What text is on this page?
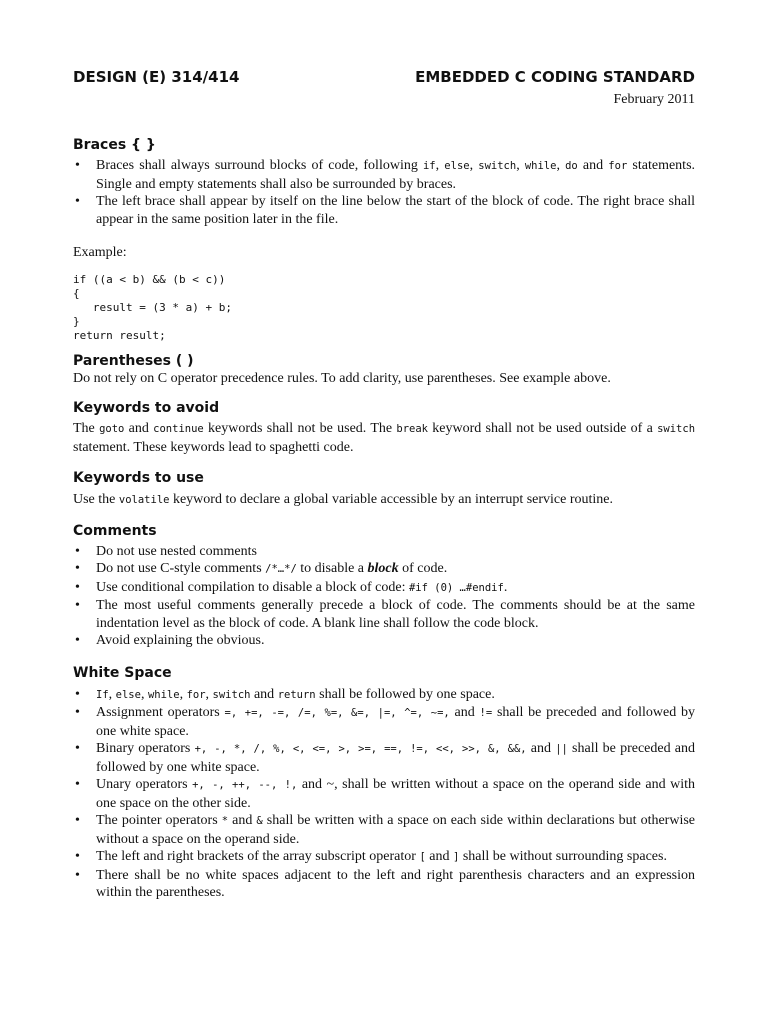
DESIGN (E) 314/414	EMBEDDED C CODING STANDARD
February 2011
Braces { }
• Braces shall always surround blocks of code, following if, else, switch, while, do and for statements. Single and empty statements shall also be surrounded by braces.
• The left brace shall appear by itself on the line below the start of the block of code. The right brace shall appear in the same position later in the file.

Example:

if ((a < b) && (b < c))
{
result = (3 * a) + b;
}
return result;
Parentheses ( )

Do not rely on C operator precedence rules. To add clarity, use parentheses. See example above.

Keywords to avoid

The goto and continue keywords shall not be used. The break keyword shall not be used outside of a switch statement. These keywords lead to spaghetti code.

Keywords to use

Use the volatile keyword to declare a global variable accessible by an interrupt service routine.

Comments
• Do not use nested comments
• Do not use C-style comments /*…*/ to disable a block of code.
• Use conditional compilation to disable a block of code: #if (0) …#endif.
• The most useful comments generally precede a block of code. The comments should be at the same indentation level as the block of code. A blank line shall follow the code block.
• Avoid explaining the obvious.
White Space
• If, else, while, for, switch and return shall be followed by one space.
• Assignment operators =, +=, -=, /=, %=, &=, |=, ^=, ~=, and != shall be preceded and followed by one white space.
• Binary operators +, -, *, /, %, <, <=, >, >=, ==, !=, <<, >>, &, &&, and || shall be preceded and followed by one white space.
• Unary operators +, -, ++, --, !, and ~, shall be written without a space on the operand side and with one space on the other side.
• The pointer operators * and & shall be written with a space on each side within declarations but otherwise without a space on the operand side.
• The left and right brackets of the array subscript operator [ and ] shall be without surrounding spaces.
• There shall be no white spaces adjacent to the left and right parenthesis characters and an expression within the parentheses.
